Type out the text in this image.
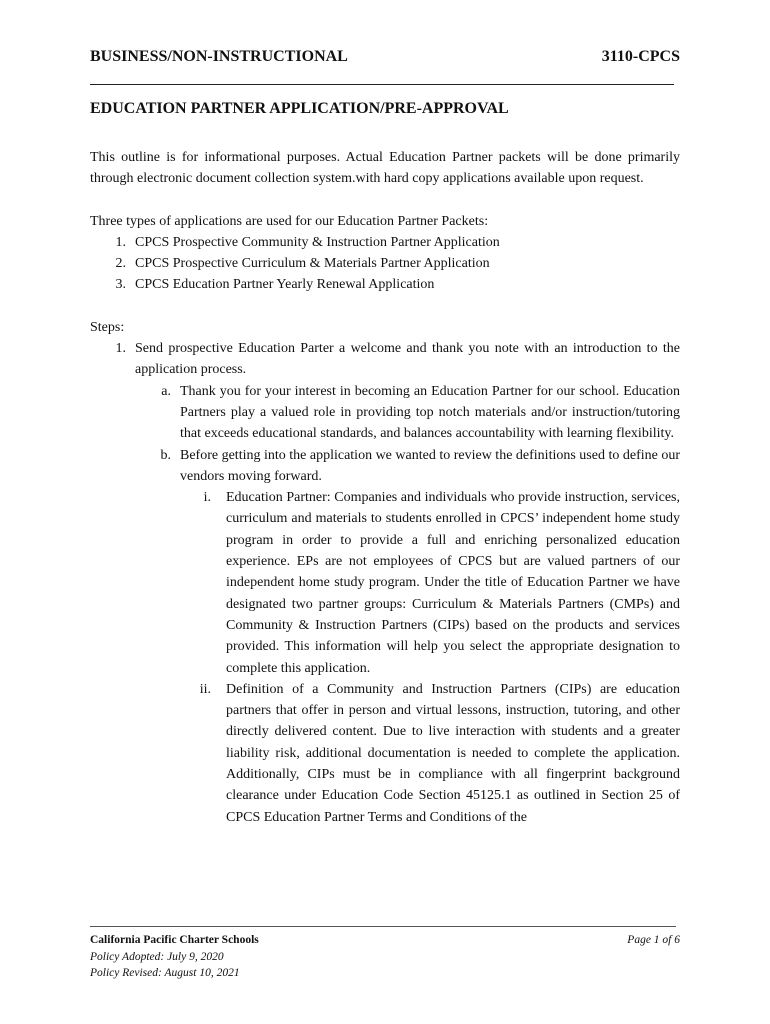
BUSINESS/NON-INSTRUCTIONAL	3110-CPCS
EDUCATION PARTNER APPLICATION/PRE-APPROVAL

This outline is for informational purposes. Actual Education Partner packets will be done primarily through electronic document collection system.with hard copy applications available upon request.

Three types of applications are used for our Education Partner Packets:

1. CPCS Prospective Community & Instruction Partner Application
2. CPCS Prospective Curriculum & Materials Partner Application
3. CPCS Education Partner Yearly Renewal Application

Steps:

1. Send prospective Education Parter a welcome and thank you note with an introduction to the application process.
a. Thank you for your interest in becoming an Education Partner for our school. Education Partners play a valued role in providing top notch materials and/or instruction/tutoring that exceeds educational standards, and balances accountability with learning flexibility.
b. Before getting into the application we wanted to review the definitions used to define our vendors moving forward.
i.	Education Partner: Companies and individuals who provide instruction, services, curriculum and materials to students enrolled in CPCS’ independent home study program in order to provide a full and enriching personalized education experience. EPs are not employees of CPCS but are valued partners of our independent home study program. Under the title of Education Partner we have designated two partner groups: Curriculum & Materials Partners (CMPs) and Community & Instruction Partners (CIPs) based on the products and services provided. This information will help you select the appropriate designation to complete this application.
ii.	Definition of a Community and Instruction Partners (CIPs) are education partners that offer in person and virtual lessons, instruction, tutoring, and other directly delivered content. Due to live interaction with students and a greater liability risk, additional documentation is needed to complete the application. Additionally, CIPs must be in compliance with all fingerprint background clearance under Education Code Section 45125.1 as outlined in Section 25 of CPCS Education Partner Terms and Conditions of the
California Pacific Charter Schools	Page 1 of 6
Policy Adopted: July 9, 2020
Policy Revised: August 10, 2021
